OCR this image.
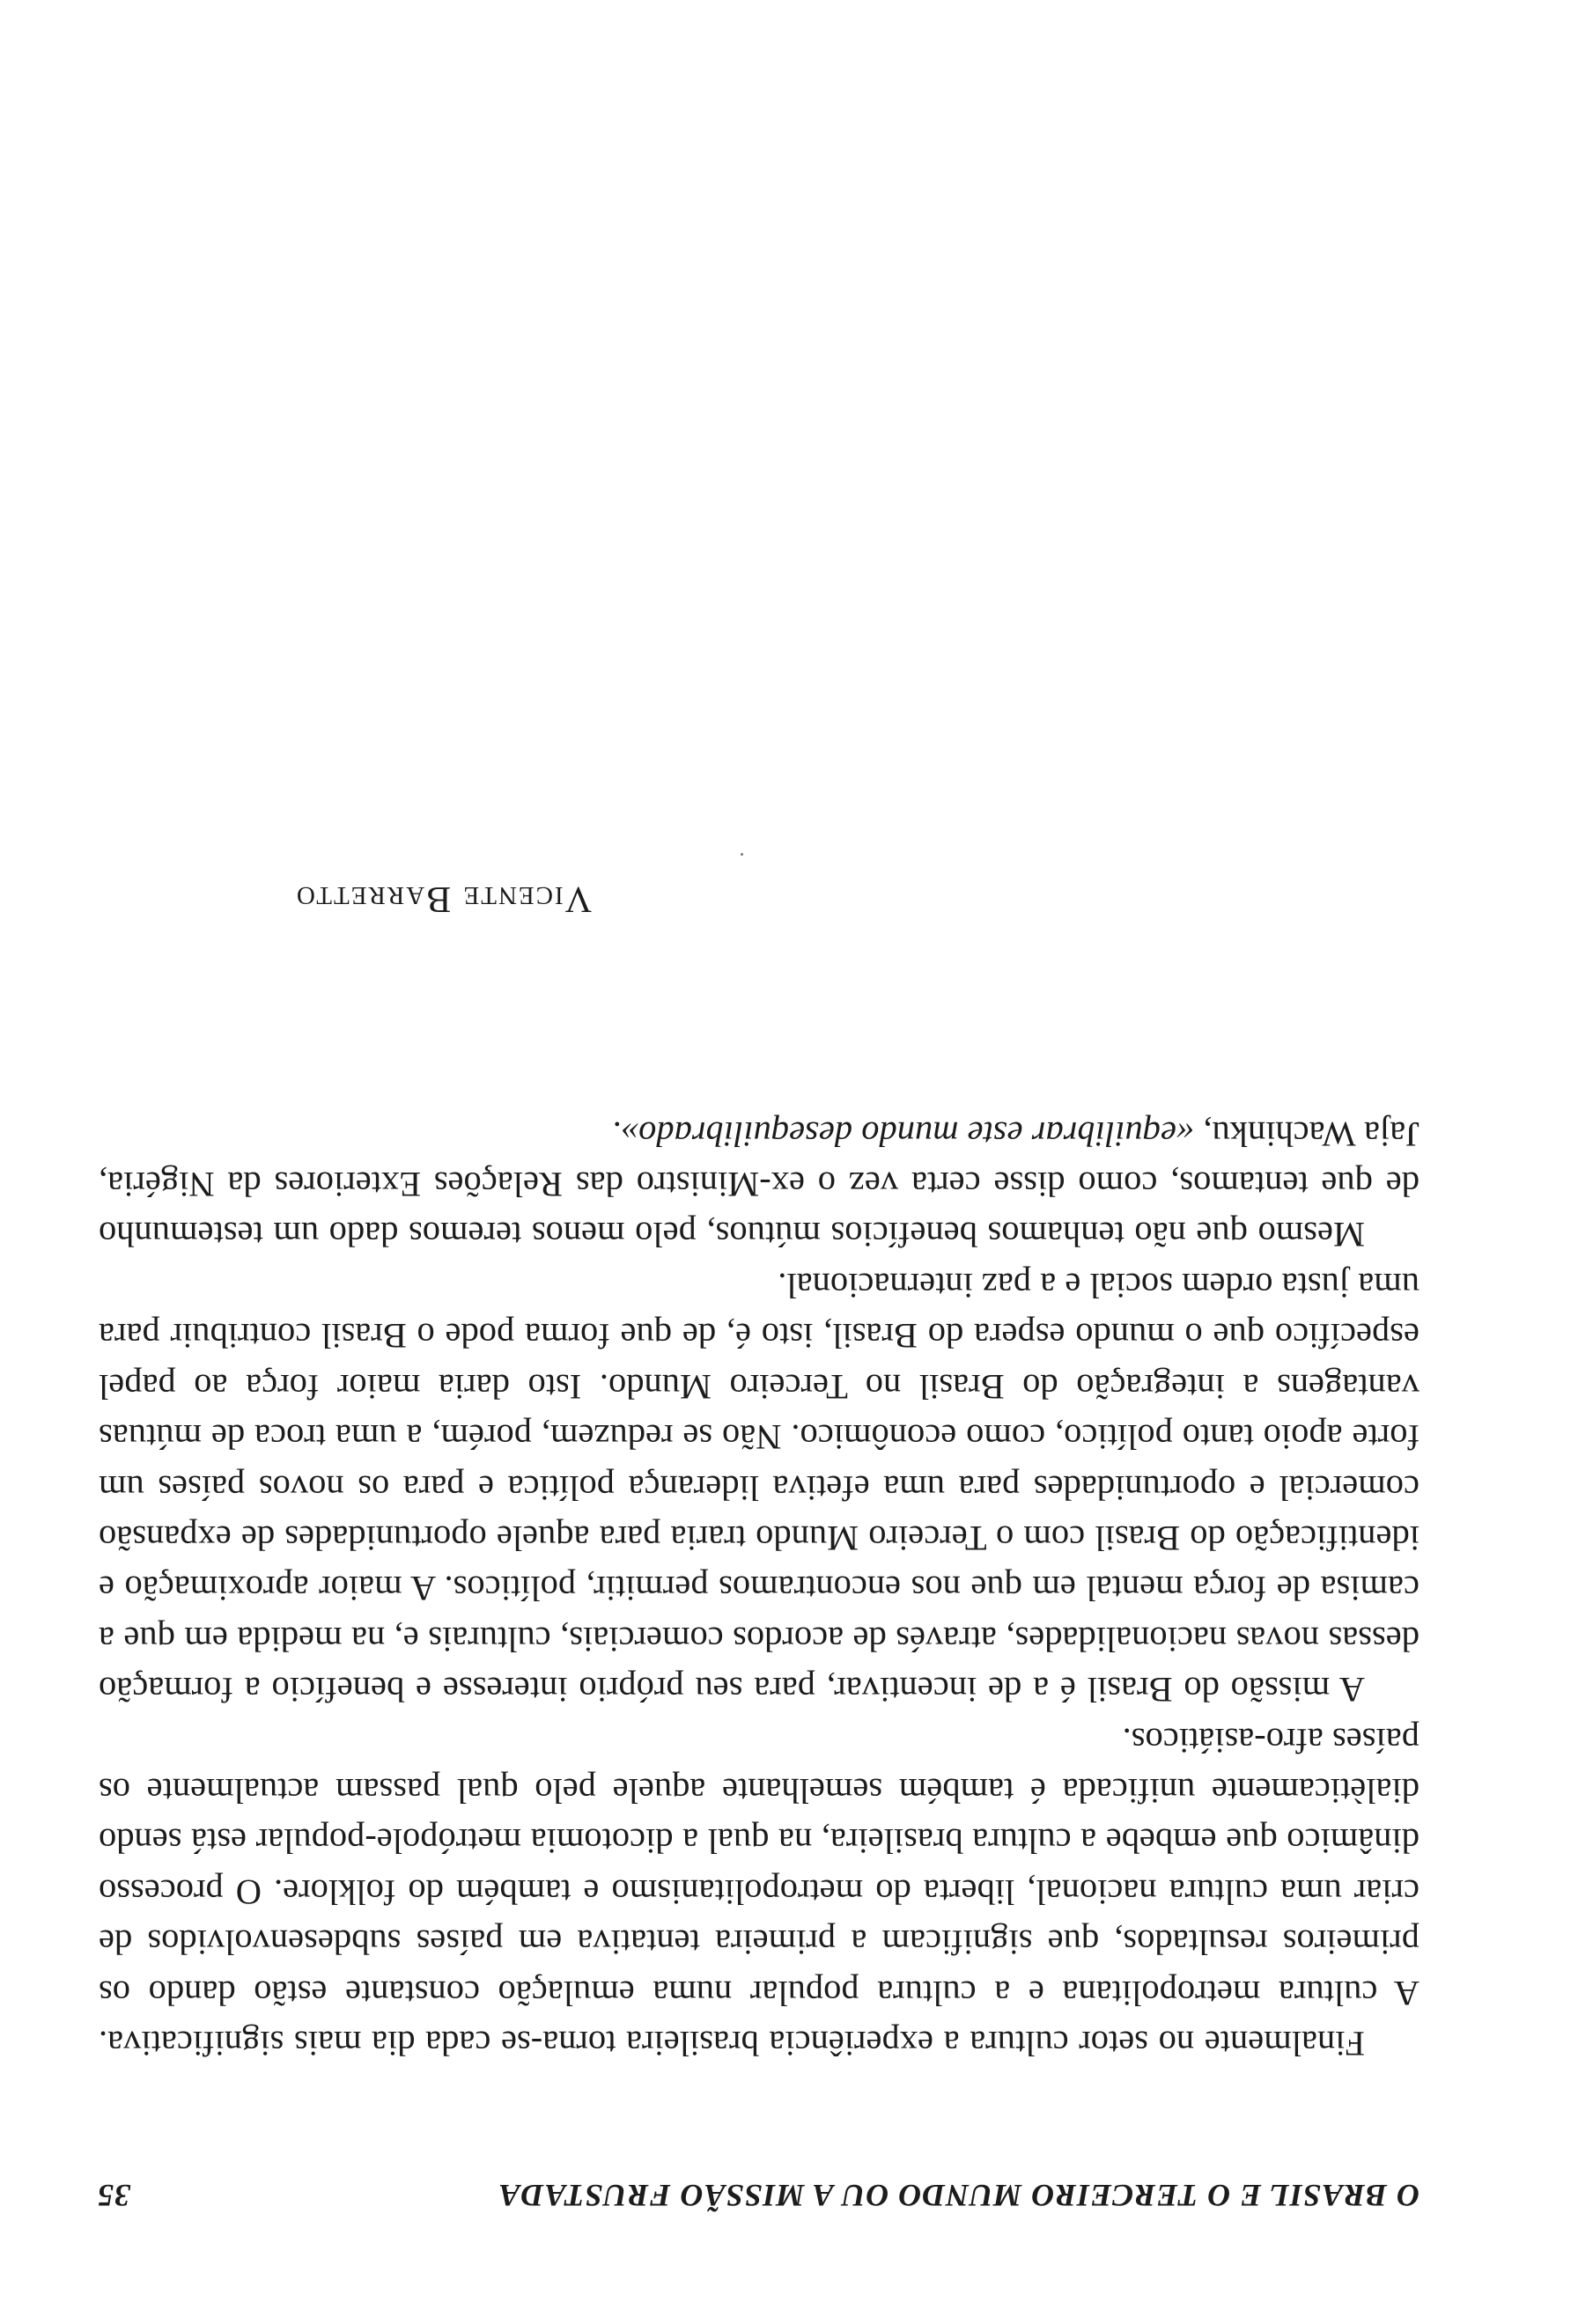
O BRASIL E O TERCEIRO MUNDO OU A MISSÃO FRUSTADA
35

Finalmente no setor cultura a experiência brasileira torna-se cada dia mais significativa. A cultura metropolitana e a cultura popular numa emulação constante estão dando os primeiros resultados, que significam a primeira tentativa em países subdesenvolvidos de criar uma cultura nacional, liberta do metropolitanismo e também do folklore. O processo dinâmico que embebe a cultura brasileira, na qual a dicotomia metrópole-popular está sendo dialèticamente unificada é também semelhante aquele pelo qual passam actualmente os países afro-asiáticos.

A missão do Brasil é a de incentivar, para seu próprio interesse e benefício a formação dessas novas nacionalidades, através de acordos comerciais, culturais e, na medida em que a camisa de força mental em que nos encontramos permitir, políticos. A maior aproximação e identificação do Brasil com o Terceiro Mundo traria para aquele oportunidades de expansão comercial e oportunidades para uma efetiva liderança política e para os novos países um forte apoio tanto político, como econômico. Não se reduzem, porém, a uma troca de mútuas vantagens a integração do Brasil no Terceiro Mundo. Isto daria maior força ao papel específico que o mundo espera do Brasil, isto é, de que forma pode o Brasil contribuir para uma justa ordem social e a paz internacional.

Mesmo que não tenhamos benefícios mútuos, pelo menos teremos dado um testemunho de que tentamos, como disse certa vez o ex-Ministro das Relações Exteriores da Nigéria, Jaja Wachinku, «equilibrar este mundo desequilibrado».

Vicente Barretto
